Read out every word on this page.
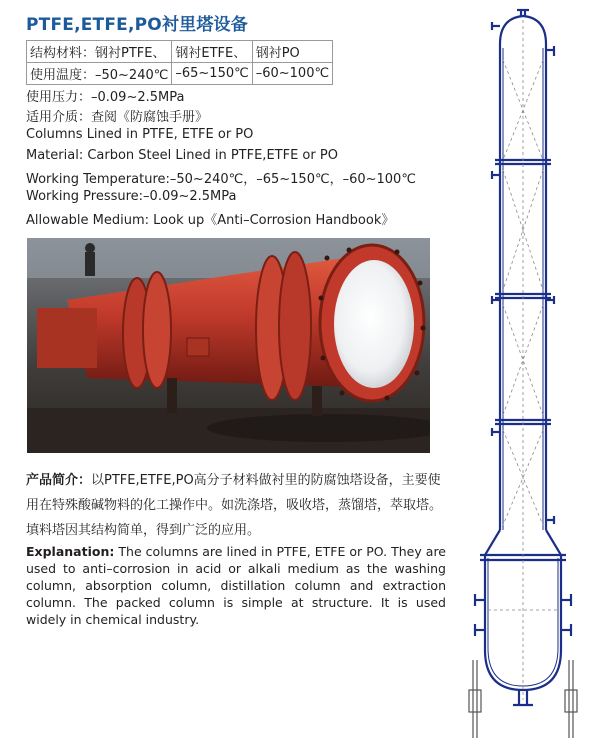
PTFE,ETFE,PO衬里塔设备
结构材料：钢衬PTFE、	钢衬ETFE、	钢衬PO
使用温度：–50~240℃	–65~150℃	–60~100℃
使用压力：–0.09~2.5MPa
适用介质：查阅《防腐蚀手册》
Columns Lined in PTFE, ETFE or PO
Material: Carbon Steel Lined in PTFE,ETFE or PO
Working Temperature:–50~240℃，–65~150℃，–60~100℃
Working Pressure:–0.09~2.5MPa
Allowable Medium: Look up《Anti–Corrosion Handbook》
产品简介：以PTFE,ETFE,PO高分子材料做衬里的防腐蚀塔设备，主要使用在特殊酸碱物料的化工操作中。如洗涤塔，吸收塔，蒸馏塔，萃取塔。填料塔因其结构简单，得到广泛的应用。
Explanation: The columns are lined in PTFE, ETFE or PO. They are used to anti–corrosion in acid or alkali medium as the washing column, absorption column, distillation column and extraction column. The packed column is simple at structure. It is used widely in chemical industry.
